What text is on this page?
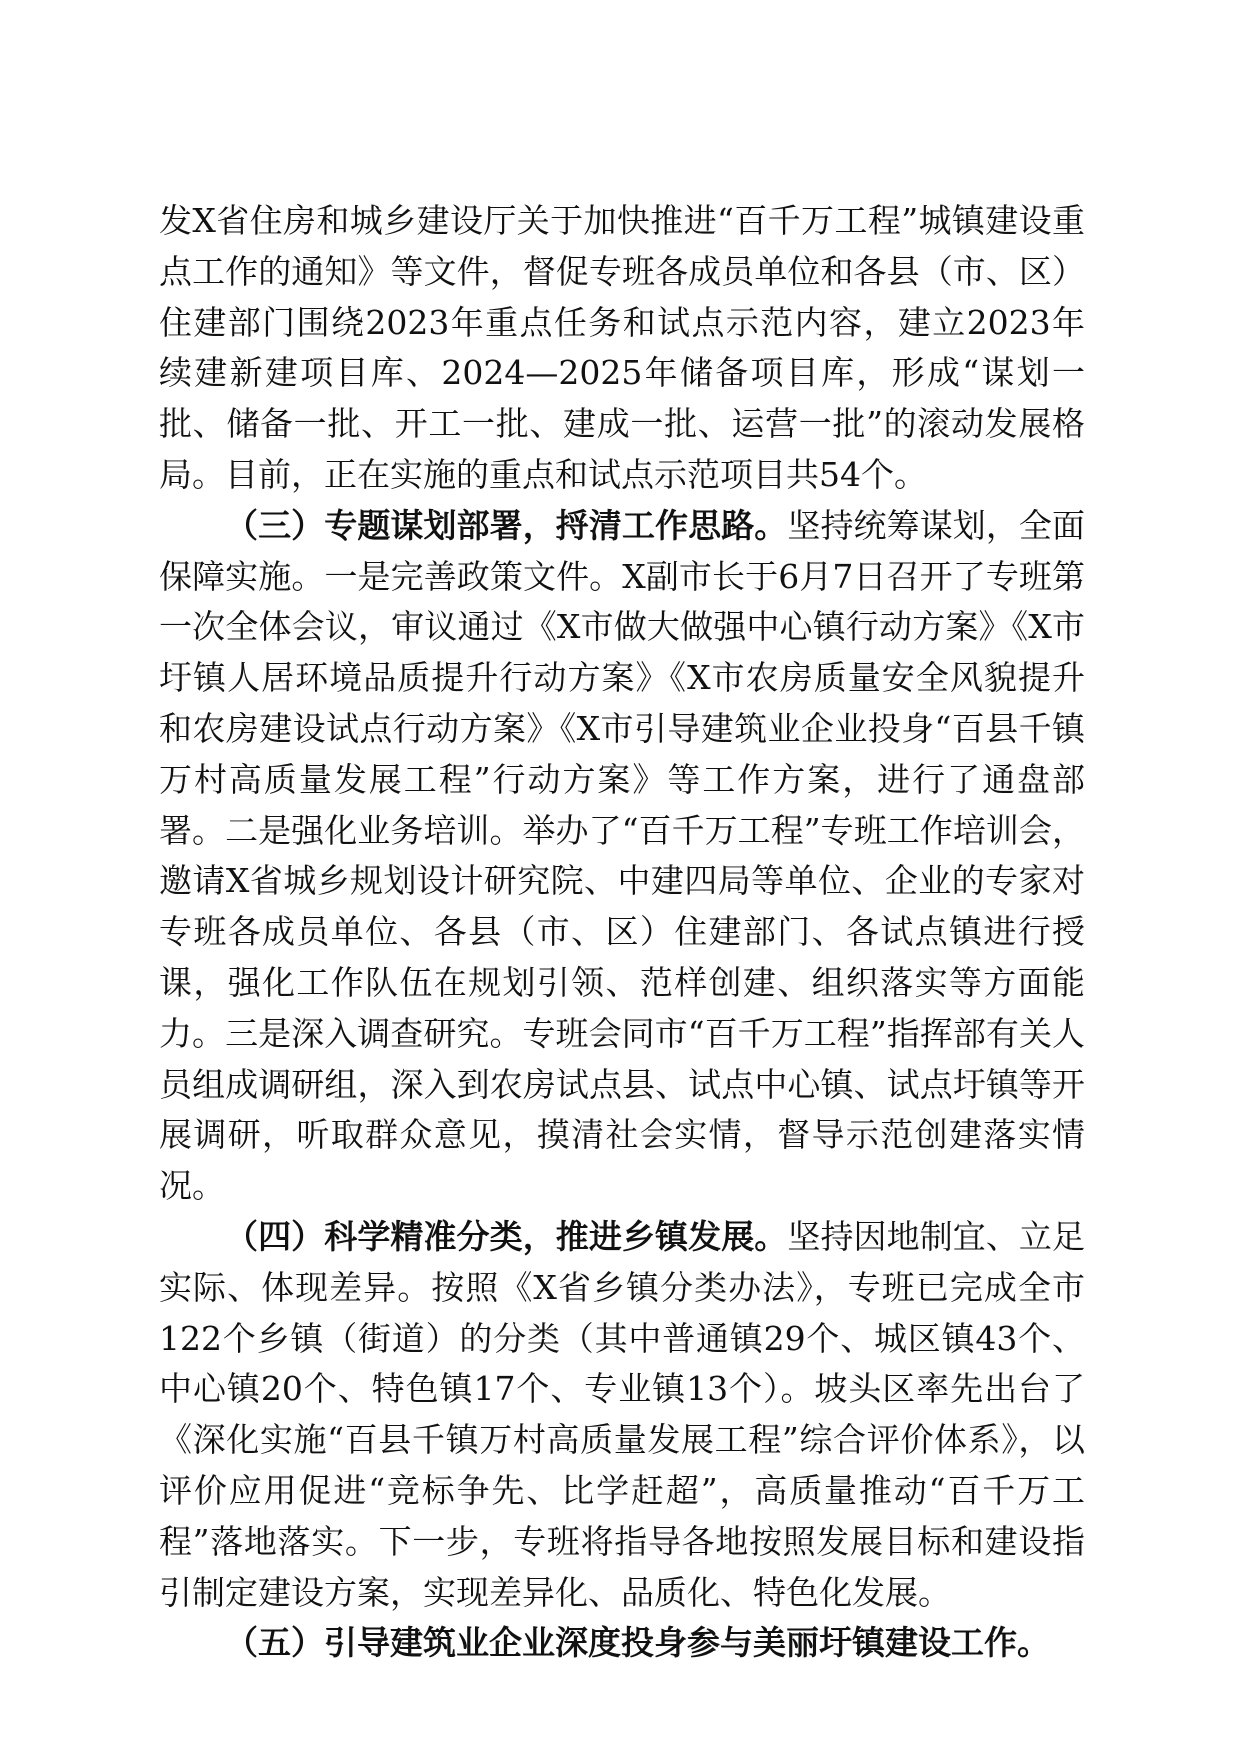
发X省住房和城乡建设厅关于加快推进“百千万工程”城镇建设重点工作的通知》等文件，督促专班各成员单位和各县（市、区）住建部门围绕2023年重点任务和试点示范内容，建立2023年续建新建项目库、2024—2025年储备项目库，形成“谋划一批、储备一批、开工一批、建成一批、运营一批”的滚动发展格局。目前，正在实施的重点和试点示范项目共54个。

（三）专题谋划部署，捋清工作思路。坚持统筹谋划，全面保障实施。一是完善政策文件。X副市长于6月7日召开了专班第一次全体会议，审议通过《X市做大做强中心镇行动方案》《X市圩镇人居环境品质提升行动方案》《X市农房质量安全风貌提升和农房建设试点行动方案》《X市引导建筑业企业投身“百县千镇万村高质量发展工程”行动方案》等工作方案，进行了通盘部署。二是强化业务培训。举办了“百千万工程”专班工作培训会，邀请X省城乡规划设计研究院、中建四局等单位、企业的专家对专班各成员单位、各县（市、区）住建部门、各试点镇进行授课，强化工作队伍在规划引领、范样创建、组织落实等方面能力。三是深入调查研究。专班会同市“百千万工程”指挥部有关人员组成调研组，深入到农房试点县、试点中心镇、试点圩镇等开展调研，听取群众意见，摸清社会实情，督导示范创建落实情况。

（四）科学精准分类，推进乡镇发展。坚持因地制宜、立足实际、体现差异。按照《X省乡镇分类办法》，专班已完成全市122个乡镇（街道）的分类（其中普通镇29个、城区镇43个、中心镇20个、特色镇17个、专业镇13个）。坡头区率先出台了《深化实施“百县千镇万村高质量发展工程”综合评价体系》，以评价应用促进“竞标争先、比学赶超”，高质量推动“百千万工程”落地落实。下一步，专班将指导各地按照发展目标和建设指引制定建设方案，实现差异化、品质化、特色化发展。

（五）引导建筑业企业深度投身参与美丽圩镇建设工作。
